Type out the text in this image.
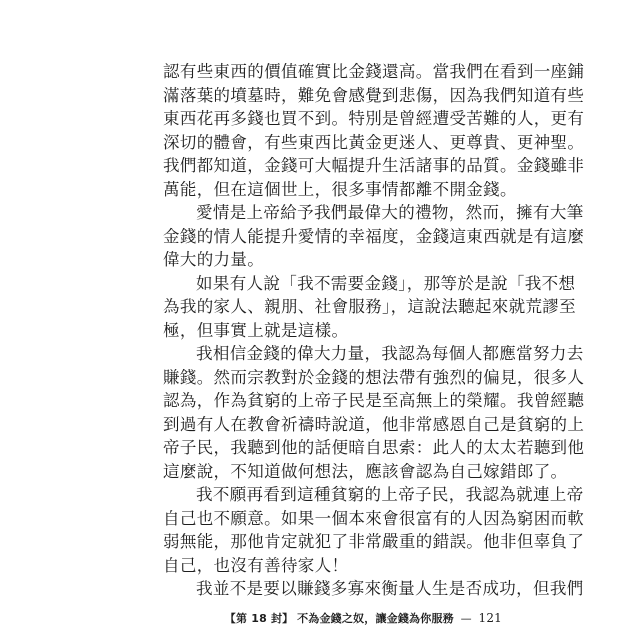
認有些東西的價值確實比金錢還高。當我們在看到一座鋪
滿落葉的墳墓時，難免會感覺到悲傷，因為我們知道有些
東西花再多錢也買不到。特別是曾經遭受苦難的人，更有
深切的體會，有些東西比黃金更迷人、更尊貴、更神聖。
我們都知道，金錢可大幅提升生活諸事的品質。金錢雖非
萬能，但在這個世上，很多事情都離不開金錢。
愛情是上帝給予我們最偉大的禮物，然而，擁有大筆
金錢的情人能提升愛情的幸福度，金錢這東西就是有這麼
偉大的力量。
如果有人說「我不需要金錢」，那等於是說「我不想
為我的家人、親朋、社會服務」，這說法聽起來就荒謬至
極，但事實上就是這樣。
我相信金錢的偉大力量，我認為每個人都應當努力去
賺錢。然而宗教對於金錢的想法帶有強烈的偏見，很多人
認為，作為貧窮的上帝子民是至高無上的榮耀。我曾經聽
到過有人在教會祈禱時說道，他非常感恩自己是貧窮的上
帝子民，我聽到他的話便暗自思索：此人的太太若聽到他
這麼說，不知道做何想法，應該會認為自己嫁錯郎了。
我不願再看到這種貧窮的上帝子民，我認為就連上帝
自己也不願意。如果一個本來會很富有的人因為窮困而軟
弱無能，那他肯定就犯了非常嚴重的錯誤。他非但辜負了
自己，也沒有善待家人！
我並不是要以賺錢多寡來衡量人生是否成功，但我們
【第 18 封】 不為金錢之奴，讓金錢為你服務 — 121
